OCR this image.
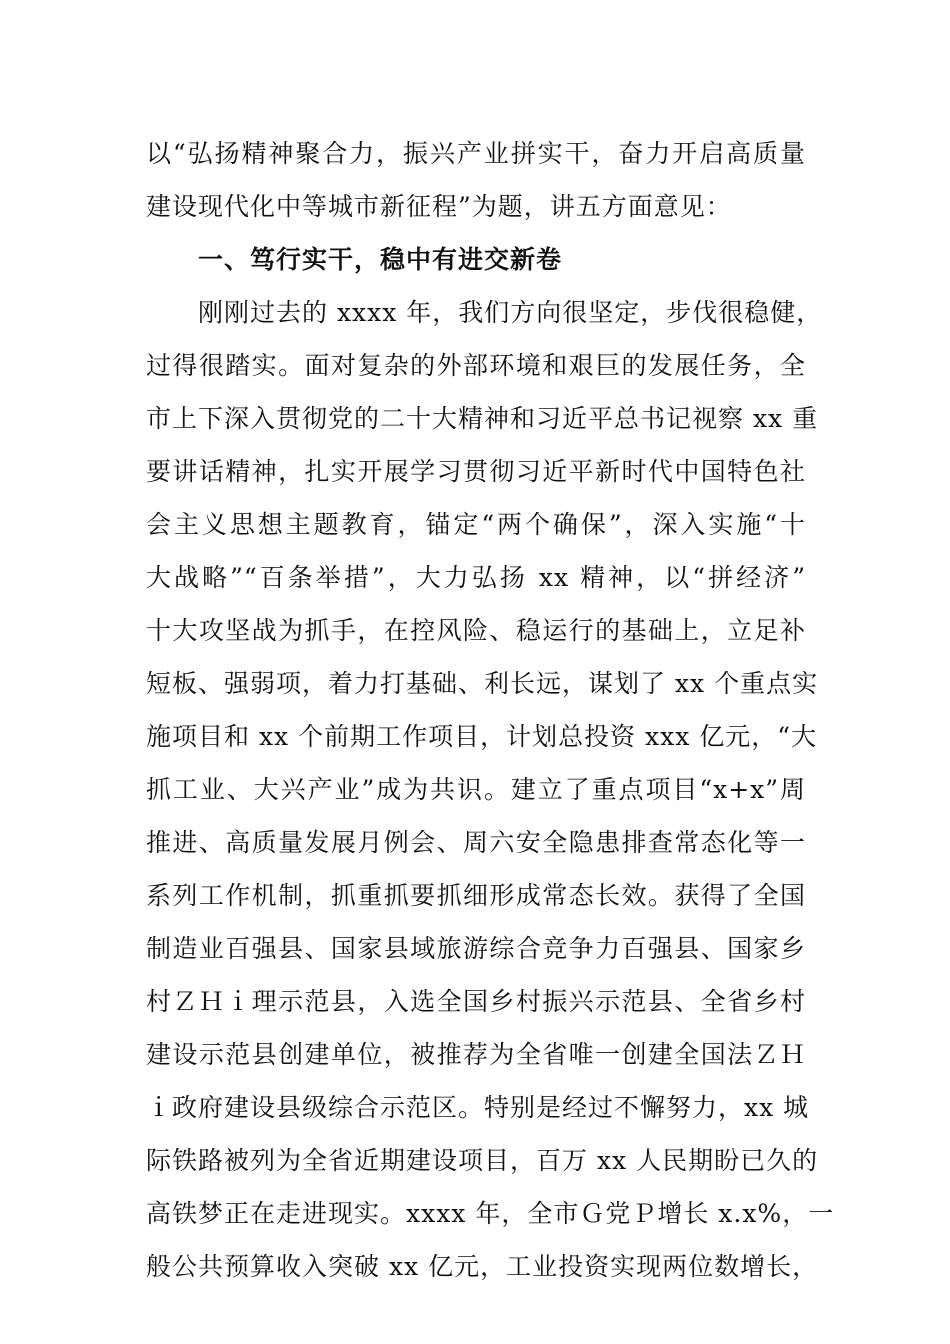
以“弘扬精神聚合力，振兴产业拼实干，奋力开启高质量
建设现代化中等城市新征程”为题，讲五方面意见：
一、笃行实干，稳中有进交新卷
刚刚过去的 xxxx 年，我们方向很坚定，步伐很稳健，
过得很踏实。面对复杂的外部环境和艰巨的发展任务，全
市上下深入贯彻党的二十大精神和习近平总书记视察 xx 重
要讲话精神，扎实开展学习贯彻习近平新时代中国特色社
会主义思想主题教育，锚定“两个确保”，深入实施“十
大战略”“百条举措”，大力弘扬 xx 精神，以“拼经济”
十大攻坚战为抓手，在控风险、稳运行的基础上，立足补
短板、强弱项，着力打基础、利长远，谋划了 xx 个重点实
施项目和 xx 个前期工作项目，计划总投资 xxx 亿元，“大
抓工业、大兴产业”成为共识。建立了重点项目“x+x”周
推进、高质量发展月例会、周六安全隐患排查常态化等一
系列工作机制，抓重抓要抓细形成常态长效。获得了全国
制造业百强县、国家县域旅游综合竞争力百强县、国家乡
村ＺＨｉ理示范县，入选全国乡村振兴示范县、全省乡村
建设示范县创建单位，被推荐为全省唯一创建全国法ＺＨ
ｉ政府建设县级综合示范区。特别是经过不懈努力，xx 城
际铁路被列为全省近期建设项目，百万 xx 人民期盼已久的
高铁梦正在走进现实。xxxx 年，全市Ｇ党Ｐ增长 x.x%，一
般公共预算收入突破 xx 亿元，工业投资实现两位数增长，
